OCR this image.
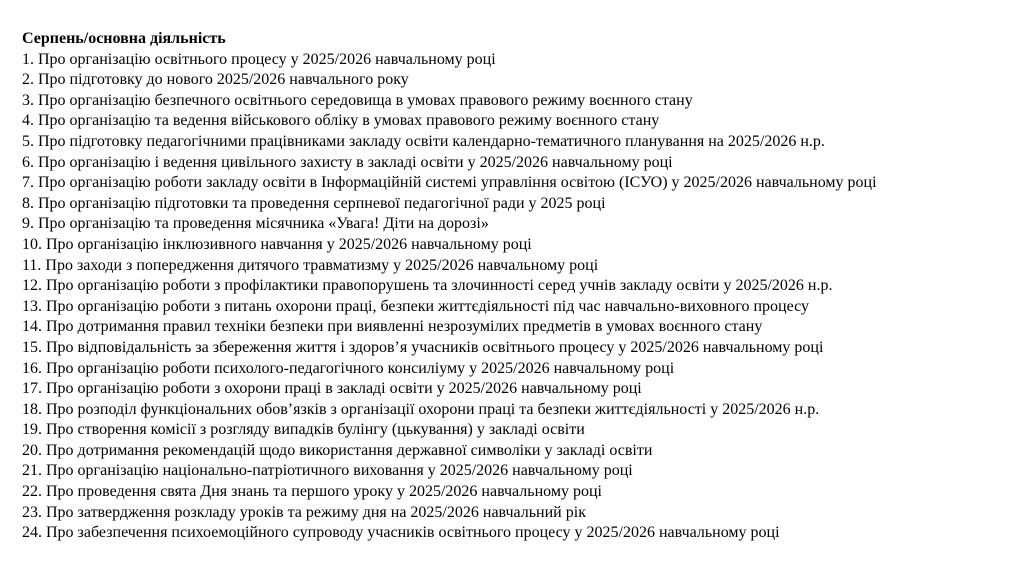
Серпень/основна діяльність
1. Про організацію освітнього процесу у 2025/2026 навчальному році
2. Про підготовку до нового 2025/2026 навчального року
3. Про організацію безпечного освітнього середовища в умовах правового режиму воєнного стану
4. Про організацію та ведення військового обліку в умовах правового режиму воєнного стану
5. Про підготовку педагогічними працівниками закладу освіти календарно-тематичного планування на 2025/2026 н.р.
6. Про організацію і ведення цивільного захисту в закладі освіти у 2025/2026 навчальному році
7. Про організацію роботи закладу освіти в Інформаційній системі управління освітою (ІСУО) у 2025/2026 навчальному році
8. Про організацію підготовки та проведення серпневої педагогічної ради у 2025 році
9. Про організацію та проведення місячника «Увага! Діти на дорозі»
10. Про організацію інклюзивного навчання у 2025/2026 навчальному році
11. Про заходи з попередження дитячого травматизму у 2025/2026 навчальному році
12. Про організацію роботи з профілактики правопорушень та злочинності серед учнів закладу освіти у 2025/2026 н.р.
13. Про організацію роботи з питань охорони праці, безпеки життєдіяльності під час навчально-виховного процесу
14. Про дотримання правил техніки безпеки при виявленні незрозумілих предметів в умовах воєнного стану
15. Про відповідальність за збереження життя і здоров’я учасників освітнього процесу у 2025/2026 навчальному році
16. Про організацію роботи психолого-педагогічного консиліуму у 2025/2026 навчальному році
17. Про організацію роботи з охорони праці в закладі освіти у 2025/2026 навчальному році
18. Про розподіл функціональних обов’язків з організації охорони праці та безпеки життєдіяльності у 2025/2026 н.р.
19. Про створення комісії з розгляду випадків булінгу (цькування) у закладі освіти
20. Про дотримання рекомендацій щодо використання державної символіки у закладі освіти
21. Про організацію національно-патріотичного виховання у 2025/2026 навчальному році
22. Про проведення свята Дня знань та першого уроку у 2025/2026 навчальному році
23. Про затвердження розкладу уроків та режиму дня на 2025/2026 навчальний рік
24. Про забезпечення психоемоційного супроводу учасників освітнього процесу у 2025/2026 навчальному році
